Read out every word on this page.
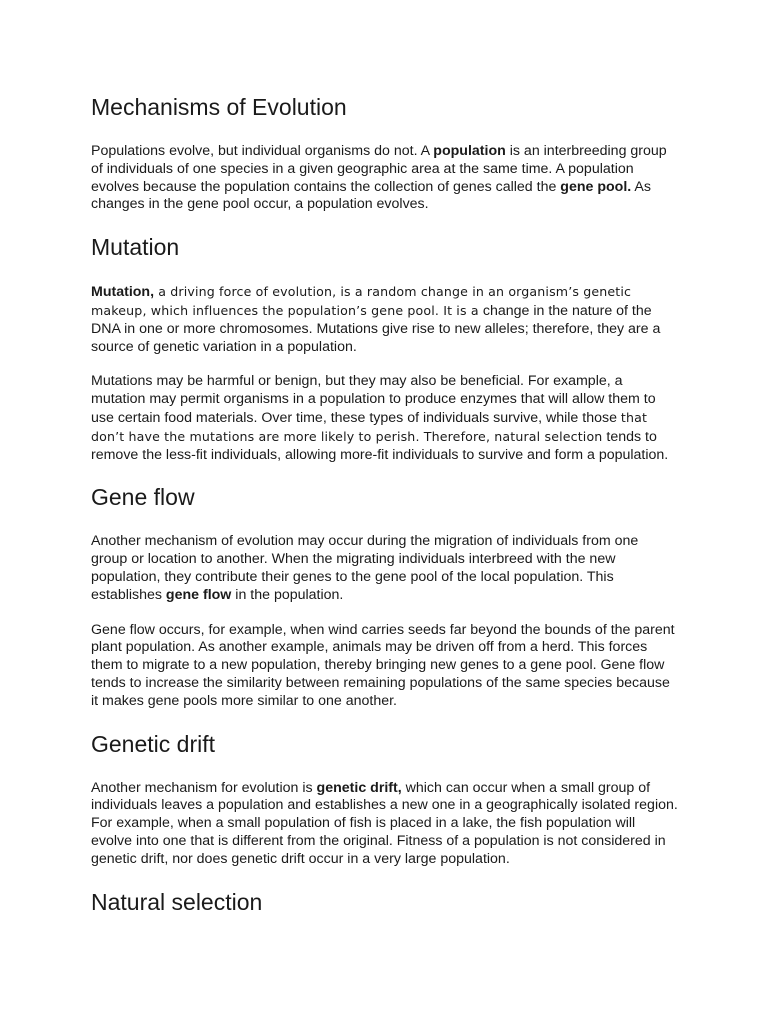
Mechanisms of Evolution

Populations evolve, but individual organisms do not. A population is an interbreeding group of individuals of one species in a given geographic area at the same time. A population evolves because the population contains the collection of genes called the gene pool. As changes in the gene pool occur, a population evolves.

Mutation

Mutation, a driving force of evolution, is a random change in an organism’s genetic makeup, which influences the population’s gene pool. It is a change in the nature of the DNA in one or more chromosomes. Mutations give rise to new alleles; therefore, they are a source of genetic variation in a population.

Mutations may be harmful or benign, but they may also be beneficial. For example, a mutation may permit organisms in a population to produce enzymes that will allow them to use certain food materials. Over time, these types of individuals survive, while those that don’t have the mutations are more likely to perish. Therefore, natural selection tends to remove the less-fit individuals, allowing more-fit individuals to survive and form a population.

Gene flow

Another mechanism of evolution may occur during the migration of individuals from one group or location to another. When the migrating individuals interbreed with the new population, they contribute their genes to the gene pool of the local population. This establishes gene flow in the population.

Gene flow occurs, for example, when wind carries seeds far beyond the bounds of the parent plant population. As another example, animals may be driven off from a herd. This forces them to migrate to a new population, thereby bringing new genes to a gene pool. Gene flow tends to increase the similarity between remaining populations of the same species because it makes gene pools more similar to one another.

Genetic drift

Another mechanism for evolution is genetic drift, which can occur when a small group of individuals leaves a population and establishes a new one in a geographically isolated region. For example, when a small population of fish is placed in a lake, the fish population will evolve into one that is different from the original. Fitness of a population is not considered in genetic drift, nor does genetic drift occur in a very large population.

Natural selection
